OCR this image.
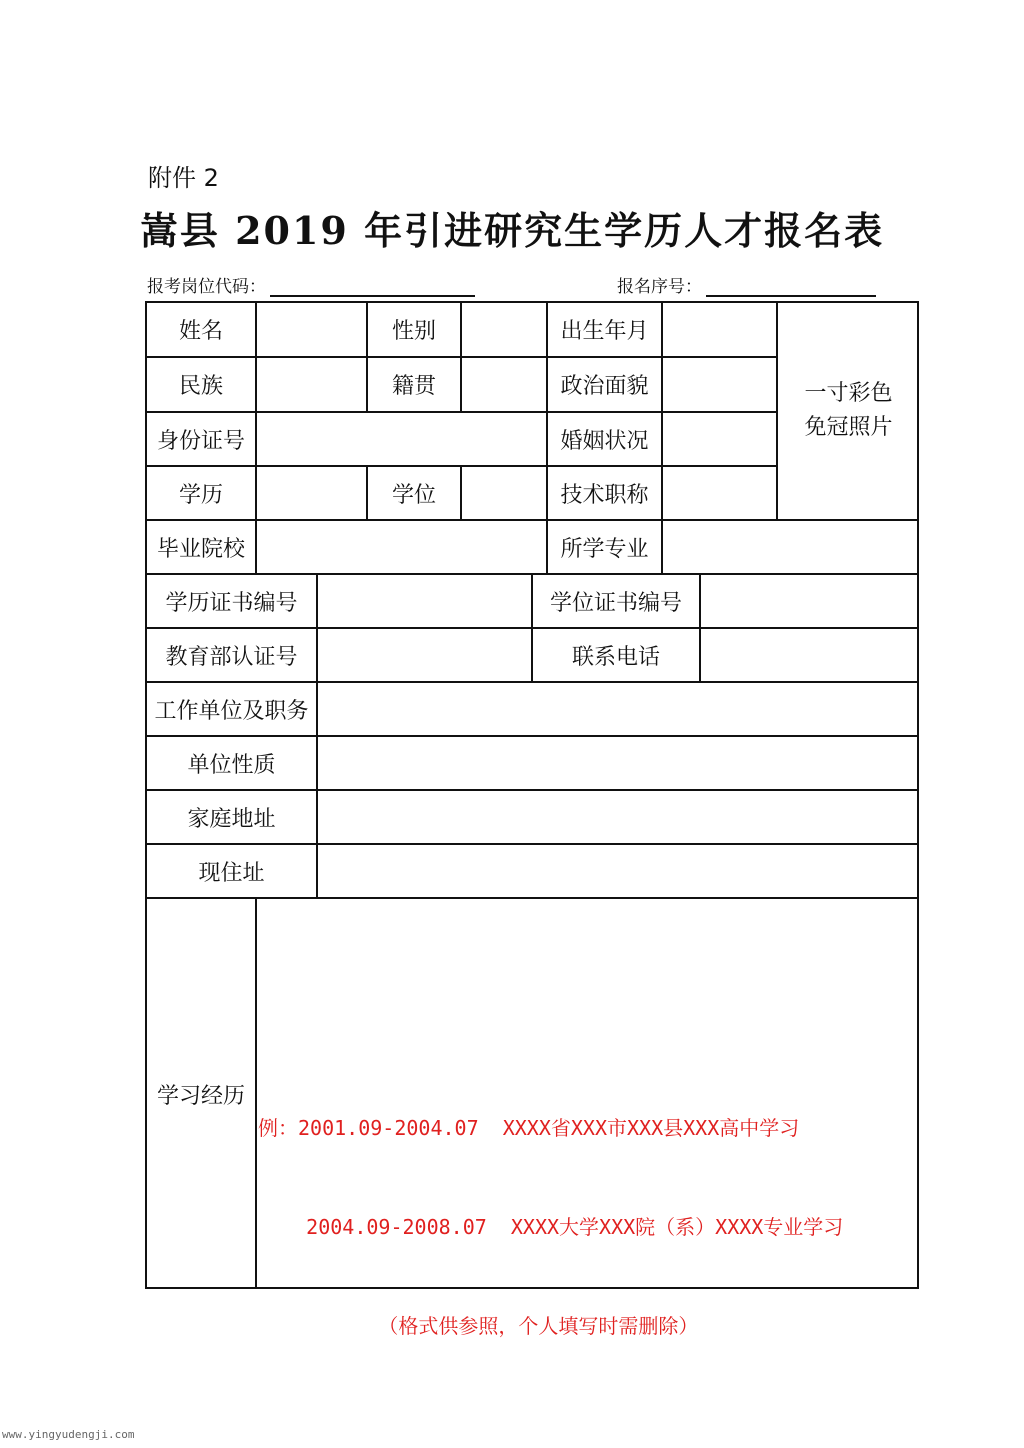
附件 2
嵩县 2019 年引进研究生学历人才报名表
报考岗位代码：	报名序号：
姓名	性别	出生年月
一寸彩色
免冠照片
民族	籍贯	政治面貌
身份证号	婚姻状况
学历	学位	技术职称
毕业院校	所学专业
学历证书编号	学位证书编号
教育部认证号	联系电话
工作单位及职务
单位性质
家庭地址
现住址
学习经历

例：2001.09-2004.07  XXXX省XXX市XXX县XXX高中学习

2004.09-2008.07  XXXX大学XXX院（系）XXXX专业学习

（格式供参照，个人填写时需删除）

www.yingyudengji.com
